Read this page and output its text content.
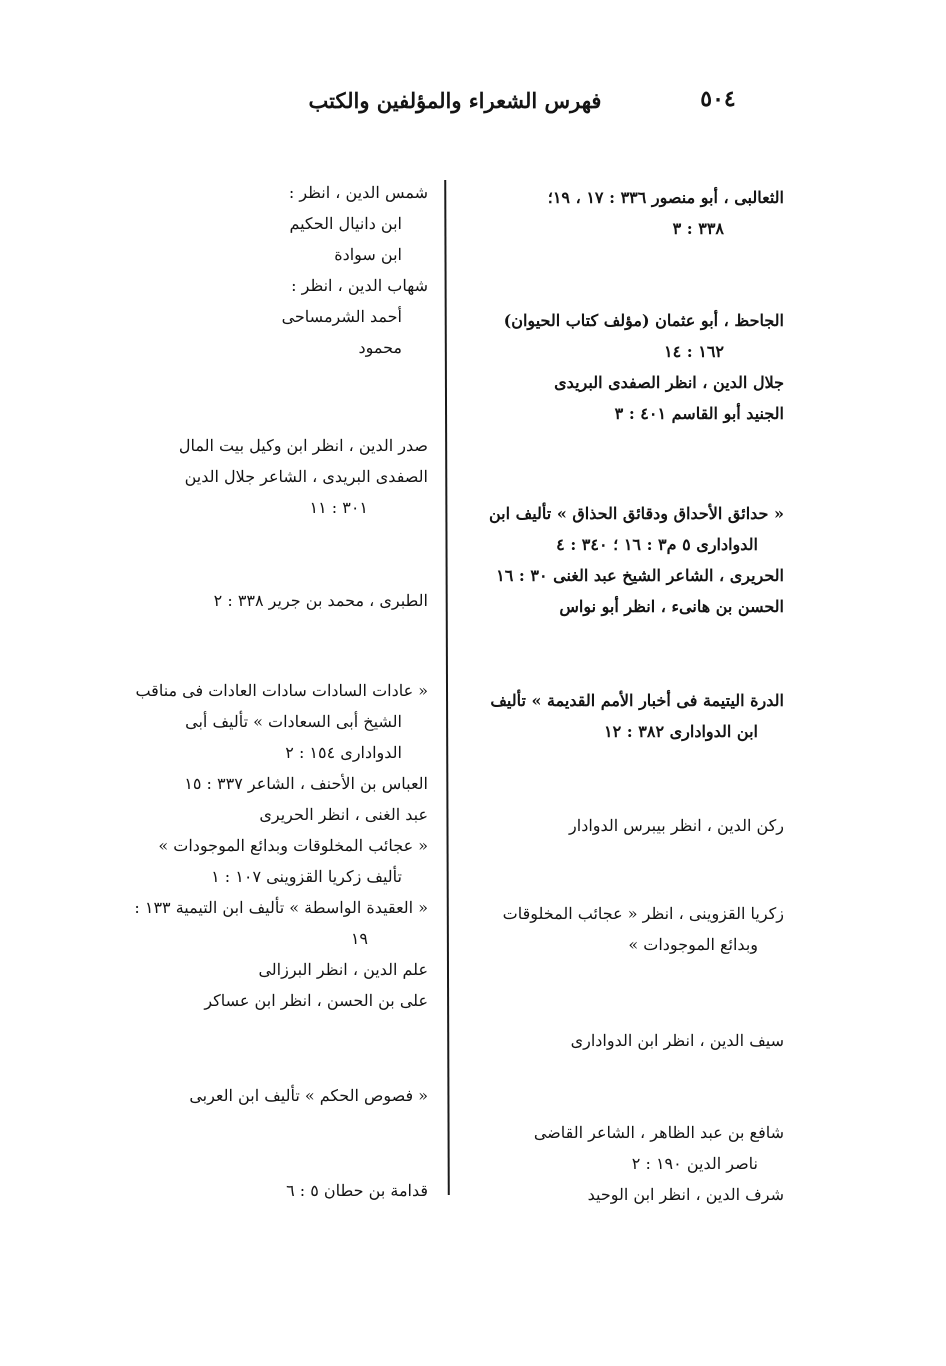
فهرس الشعراء والمؤلفين والكتب	٥٠٤
الثعالبى ، أبو منصور ٣٣٦ : ١٧ ، ١٩؛
٣٣٨ : ٣
الجاحظ ، أبو عثمان (مؤلف كتاب الحيوان)
١٦٢ : ١٤
جلال الدين ، انظر الصفدى البريدى
الجنيد أبو القاسم ٤٠١ : ٣
« حدائق الأحداق ودقائق الحذاق » تأليف ابن
الدوادارى ٥ م٣ : ١٦ ؛ ٣٤٠ : ٤
الحريرى ، الشاعر الشيخ عبد الغنى ٣٠ : ١٦
الحسن بن هانىء ، انظر أبو نواس
الدرة اليتيمة فى أخبار الأمم القديمة » تأليف
ابن الدوادارى ٣٨٢ : ١٢
ركن الدين ، انظر بيبرس الدوادار
زكريا القزوينى ، انظر « عجائب المخلوقات
وبدائع الموجودات »
سيف الدين ، انظر ابن الدوادارى
شافع بن عبد الظاهر ، الشاعر القاضى
ناصر الدين ١٩٠ : ٢
شرف الدين ، انظر ابن الوحيد
شمس الدين ، انظر :
ابن دانيال الحكيم
ابن سوادة
شهاب الدين ، انظر :
أحمد الشرمساحى
محمود
صدر الدين ، انظر ابن وكيل بيت المال
الصفدى البريدى ، الشاعر جلال الدين
٣٠١ : ١١
الطبرى ، محمد بن جرير ٣٣٨ : ٢
« عادات السادات سادات العادات فى مناقب
الشيخ أبى السعادات » تأليف أبى
الدوادارى ١٥٤ : ٢
العباس بن الأحنف ، الشاعر ٣٣٧ : ١٥
عبد الغنى ، انظر الحريرى
« عجائب المخلوقات وبدائع الموجودات »
تأليف زكريا القزوينى ١٠٧ : ١
« العقيدة الواسطة » تأليف ابن التيمية ١٣٣ :
١٩
علم الدين ، انظر البرزالى
على بن الحسن ، انظر ابن عساكر
« فصوص الحكم » تأليف ابن العربى
قدامة بن حطان ٥ : ٦
